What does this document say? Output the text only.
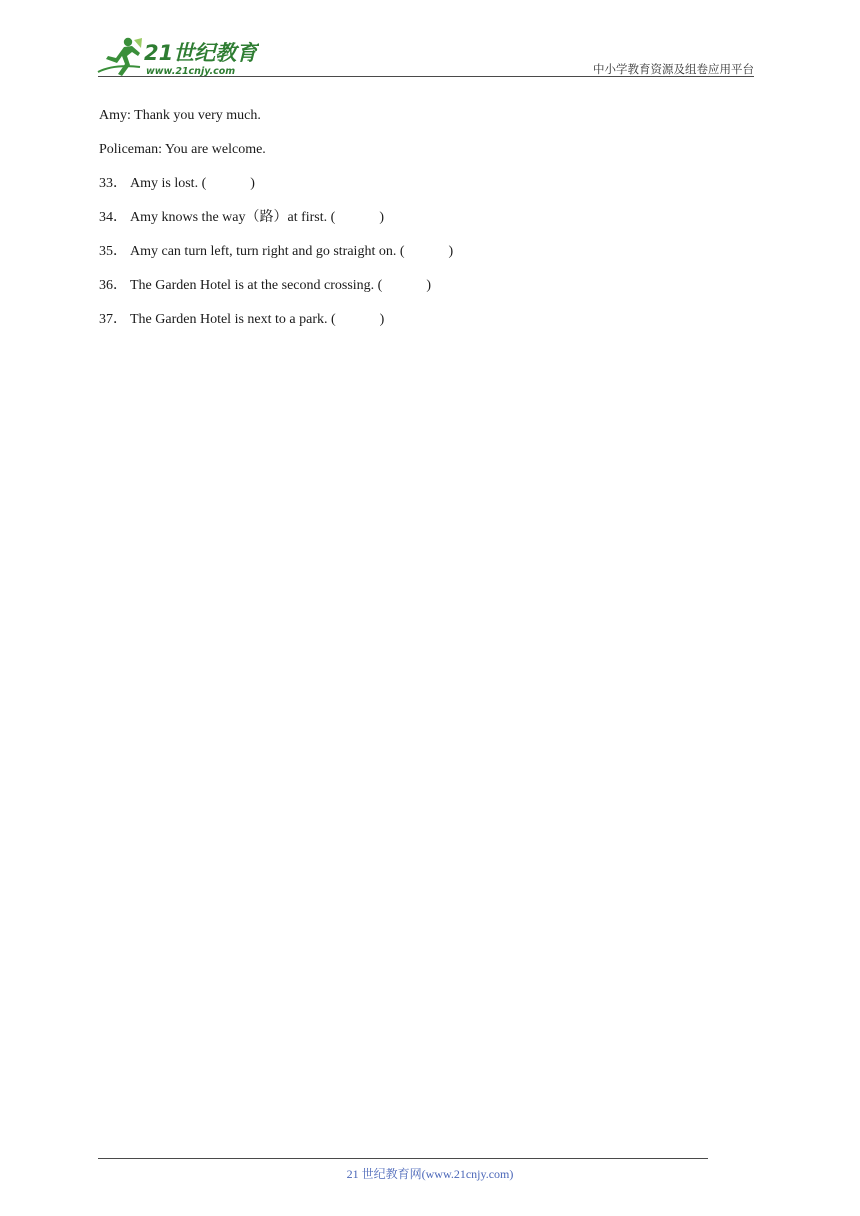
21世纪教育
www.21cnjy.com	中小学教育资源及组卷应用平台
Amy: Thank you very much.
Policeman: You are welcome.
33． Amy is lost. (	)
34． Amy knows the way（路）at first. (	)
35． Amy can turn left, turn right and go straight on. (	)
36． The Garden Hotel is at the second crossing. (	)
37． The Garden Hotel is next to a park. (	)
21 世纪教育网(www.21cnjy.com)
